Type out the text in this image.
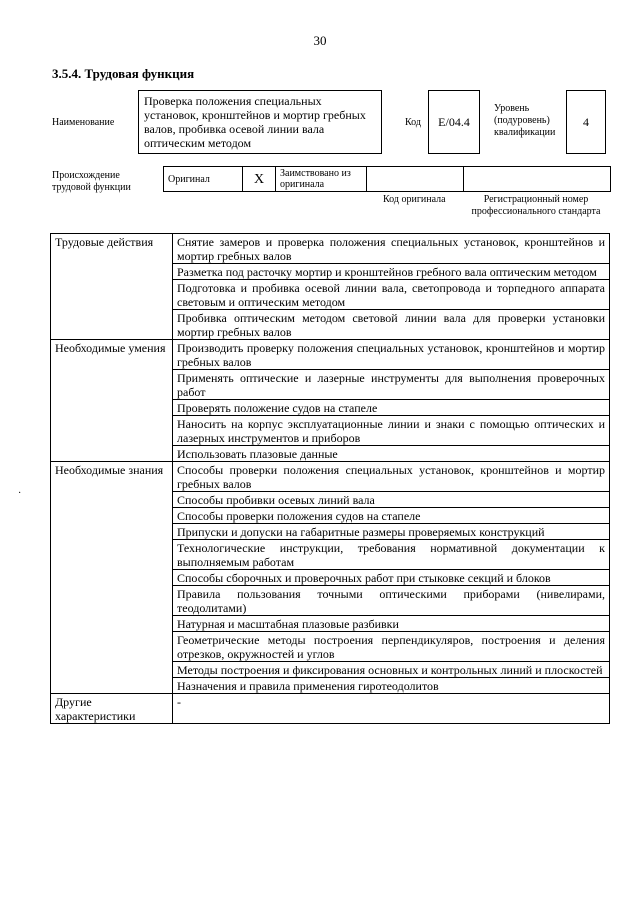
30
3.5.4. Трудовая функция
Наименование
Проверка положения специальных установок, кронштейнов и мортир гребных валов, пробивка осевой линии вала оптическим методом
Код	E/04.4
Уровень (подуровень) квалификации
4
Происхождение трудовой функции
Оригинал	X	Заимствовано из оригинала		
Код оригинала	Регистрационный номер профессионального стандарта
Трудовые действия	Снятие замеров и проверка положения специальных установок, кронштейнов и мортир гребных валов
	Разметка под расточку мортир и кронштейнов гребного вала оптическим методом
	Подготовка и пробивка осевой линии вала, светопровода и торпедного аппарата световым и оптическим методом
	Пробивка оптическим методом световой линии вала для проверки установки мортир гребных валов
Необходимые умения	Производить проверку положения специальных установок, кронштейнов и мортир гребных валов
	Применять оптические и лазерные инструменты для выполнения проверочных работ
	Проверять положение судов на стапеле
	Наносить на корпус эксплуатационные линии и знаки с помощью оптических и лазерных инструментов и приборов
	Использовать плазовые данные
Необходимые знания	Способы проверки положения специальных установок, кронштейнов и мортир гребных валов
	Способы пробивки осевых линий вала
	Способы проверки положения судов на стапеле
	Припуски и допуски на габаритные размеры проверяемых конструкций
	Технологические инструкции, требования нормативной документации к выполняемым работам
	Способы сборочных и проверочных работ при стыковке секций и блоков
	Правила пользования точными оптическими приборами (нивелирами, теодолитами)
	Натурная и масштабная плазовые разбивки
	Геометрические методы построения перпендикуляров, построения и деления отрезков, окружностей и углов
	Методы построения и фиксирования основных и контрольных линий и плоскостей
	Назначения и правила применения гиротеодолитов
Другие характеристики	-
·
